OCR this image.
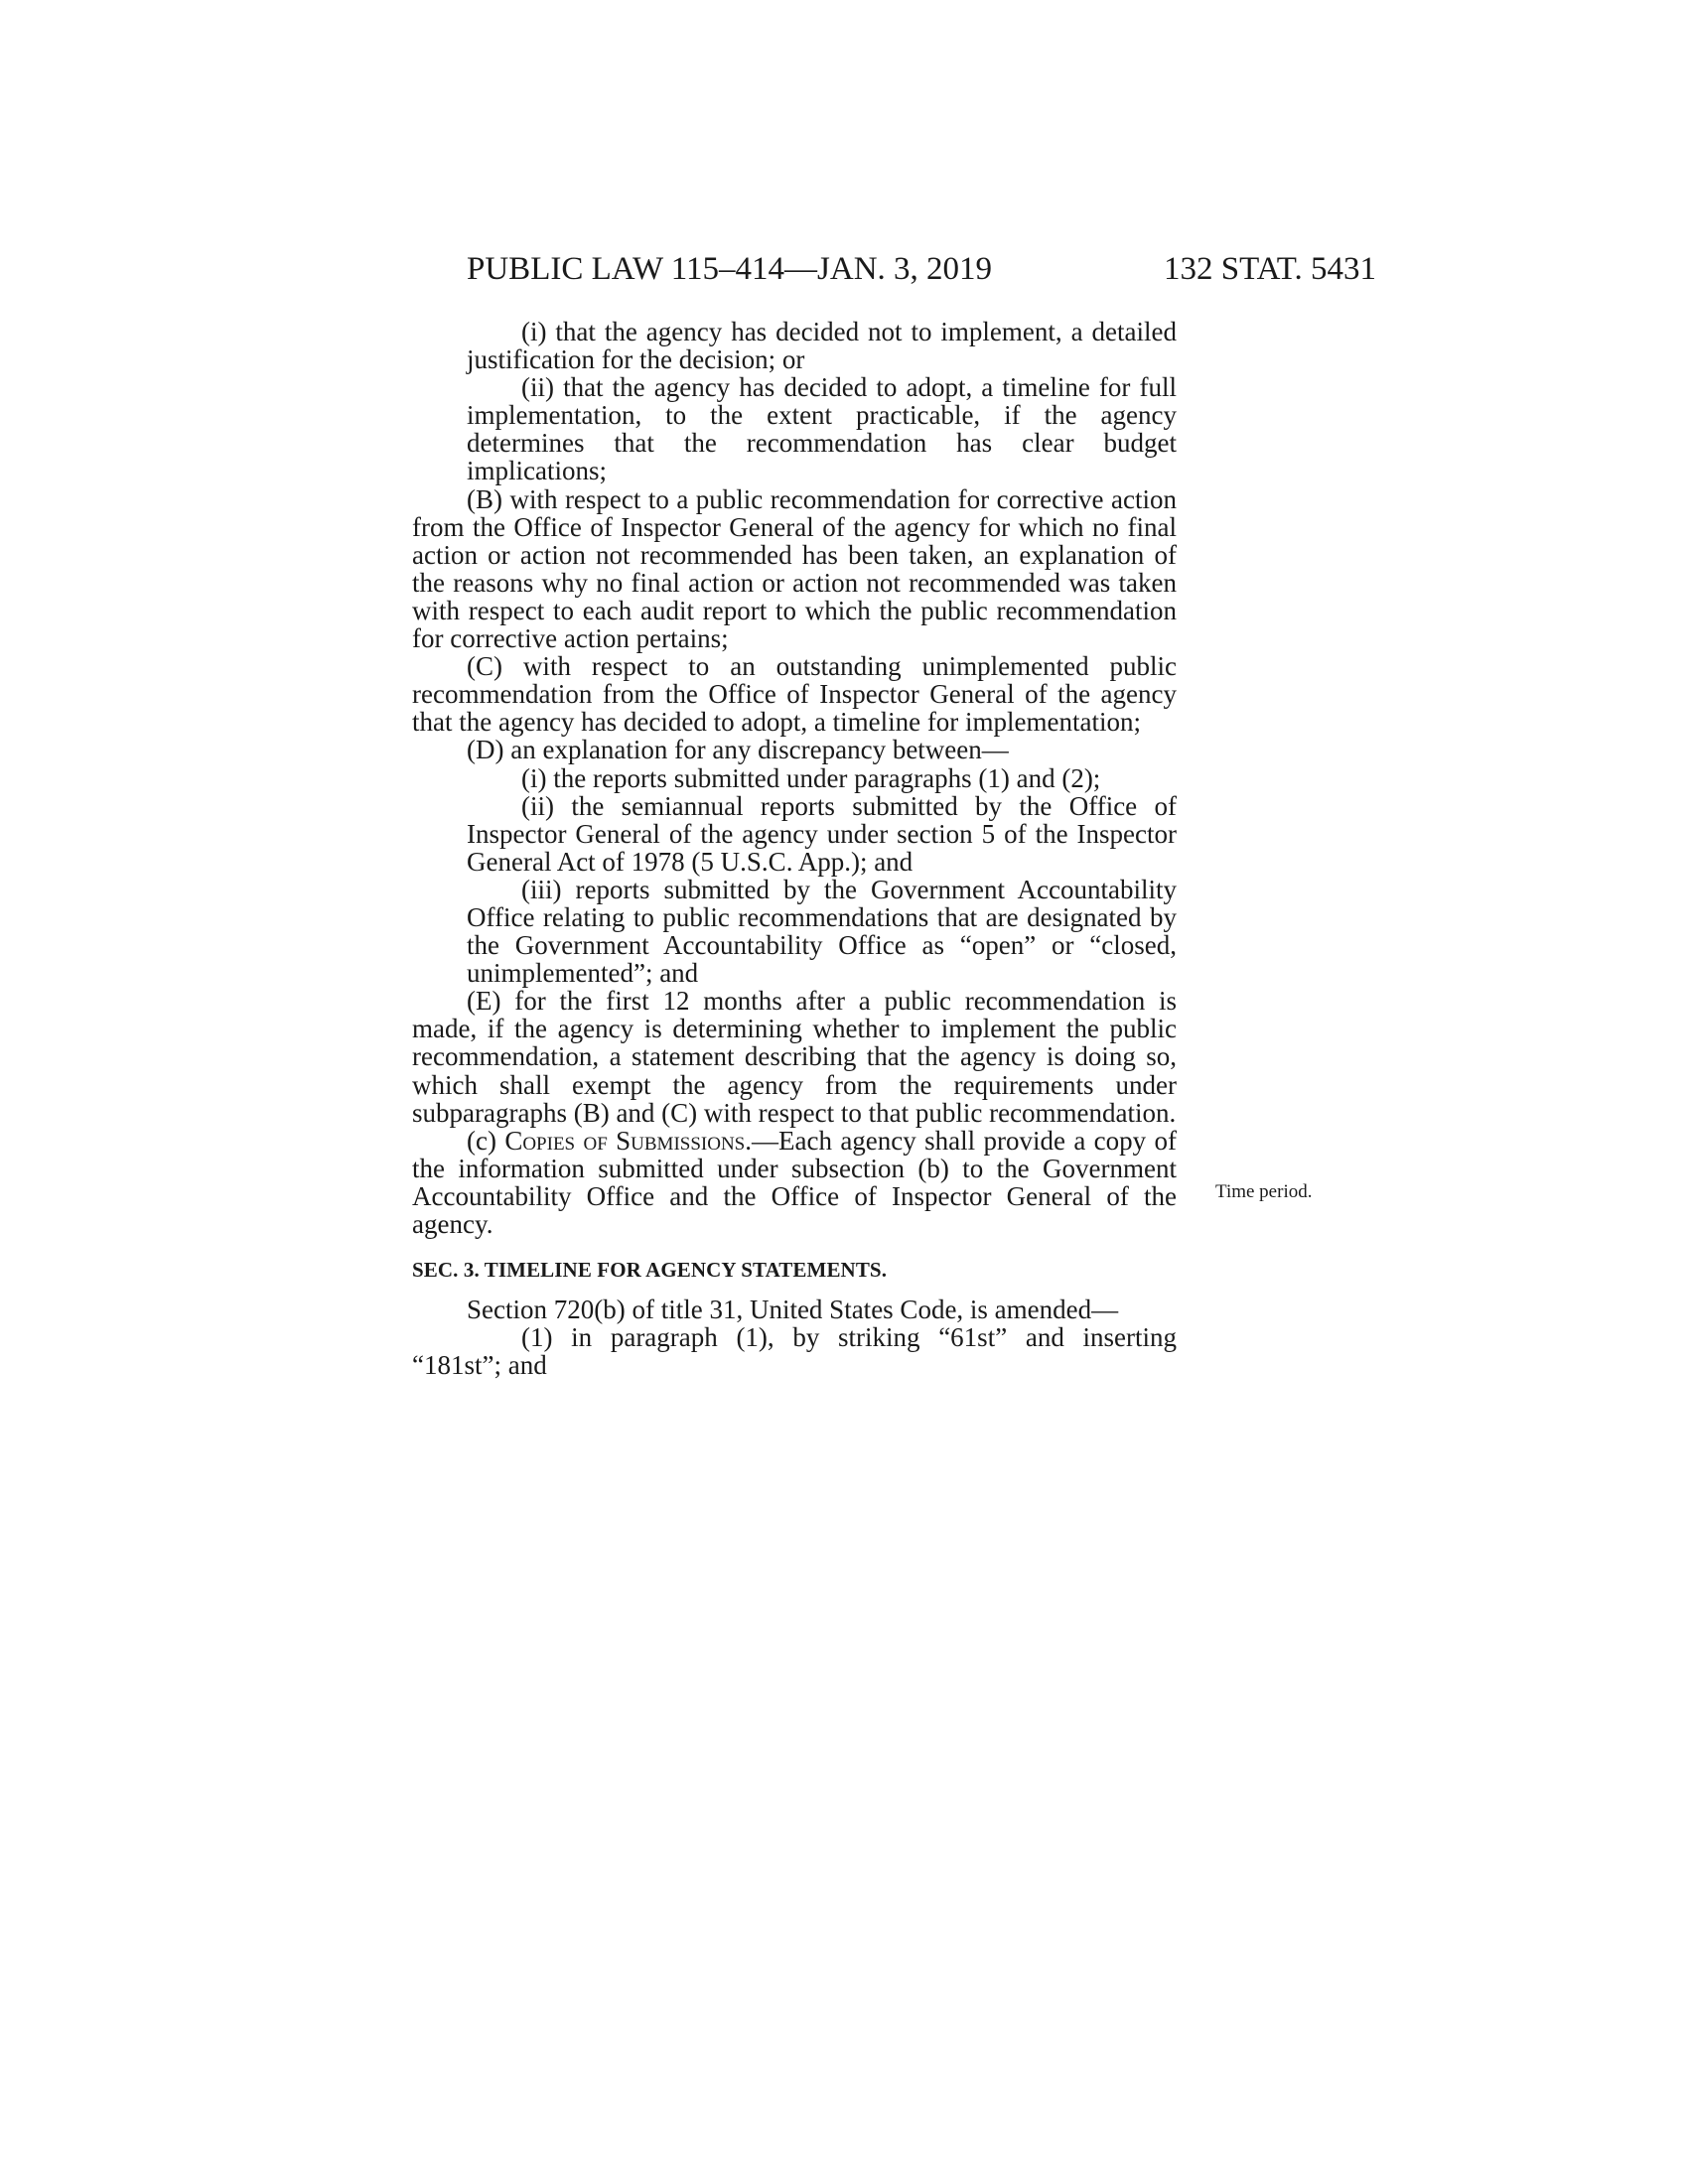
PUBLIC LAW 115–414—JAN. 3, 2019	132 STAT. 5431

(i) that the agency has decided not to implement, a detailed justification for the decision; or

(ii) that the agency has decided to adopt, a timeline for full implementation, to the extent practicable, if the agency determines that the recommendation has clear budget implications;

(B) with respect to a public recommendation for corrective action from the Office of Inspector General of the agency for which no final action or action not recommended has been taken, an explanation of the reasons why no final action or action not recommended was taken with respect to each audit report to which the public recommendation for corrective action pertains;

(C) with respect to an outstanding unimplemented public recommendation from the Office of Inspector General of the agency that the agency has decided to adopt, a timeline for implementation;

(D) an explanation for any discrepancy between—

(i) the reports submitted under paragraphs (1) and (2);

(ii) the semiannual reports submitted by the Office of Inspector General of the agency under section 5 of the Inspector General Act of 1978 (5 U.S.C. App.); and

(iii) reports submitted by the Government Accountability Office relating to public recommendations that are designated by the Government Accountability Office as “open” or “closed, unimplemented”; and

(E) for the first 12 months after a public recommendation is made, if the agency is determining whether to implement the public recommendation, a statement describing that the agency is doing so, which shall exempt the agency from the requirements under subparagraphs (B) and (C) with respect to that public recommendation.

(c) Copies of Submissions.—Each agency shall provide a copy of the information submitted under subsection (b) to the Government Accountability Office and the Office of Inspector General of the agency.

SEC. 3. TIMELINE FOR AGENCY STATEMENTS.

Section 720(b) of title 31, United States Code, is amended—

(1) in paragraph (1), by striking “61st” and inserting “181st”; and

Time period.
